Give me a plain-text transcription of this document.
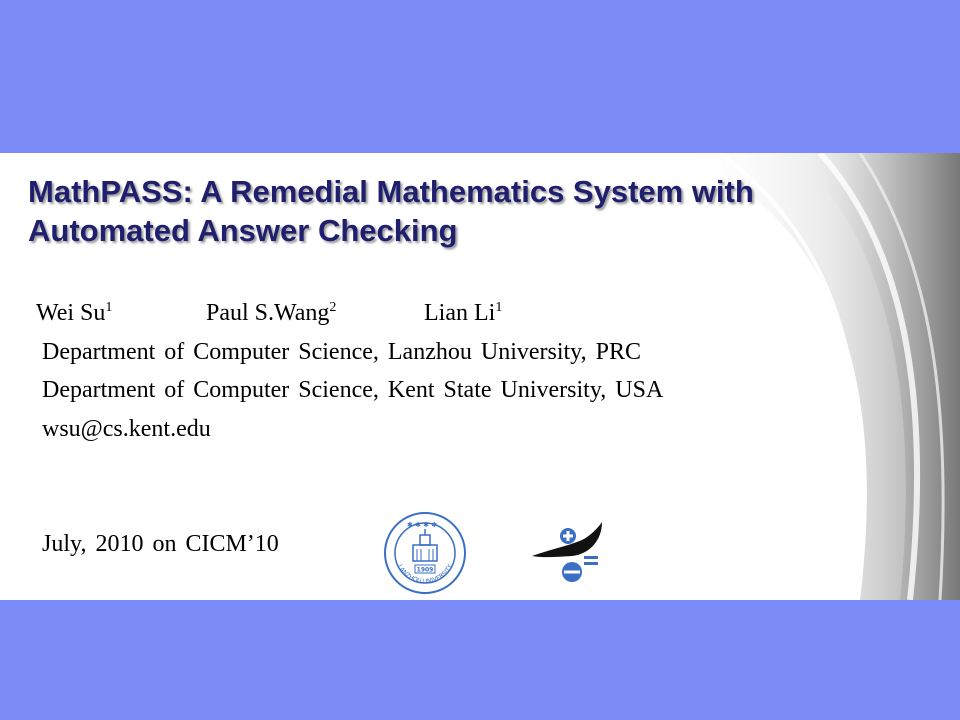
MathPASS: A Remedial Mathematics System with
Automated Answer Checking
Wei Su$^1$	Paul S.Wang$^2$	Lian Li$^1$
Department of Computer Science, Lanzhou University, PRC
Department of Computer Science, Kent State University, USA
wsu@cs.kent.edu
July, 2010 on CICM’10
✱ ✱ ✱ ✱
LANZHOU UNIVERSITY
1909
